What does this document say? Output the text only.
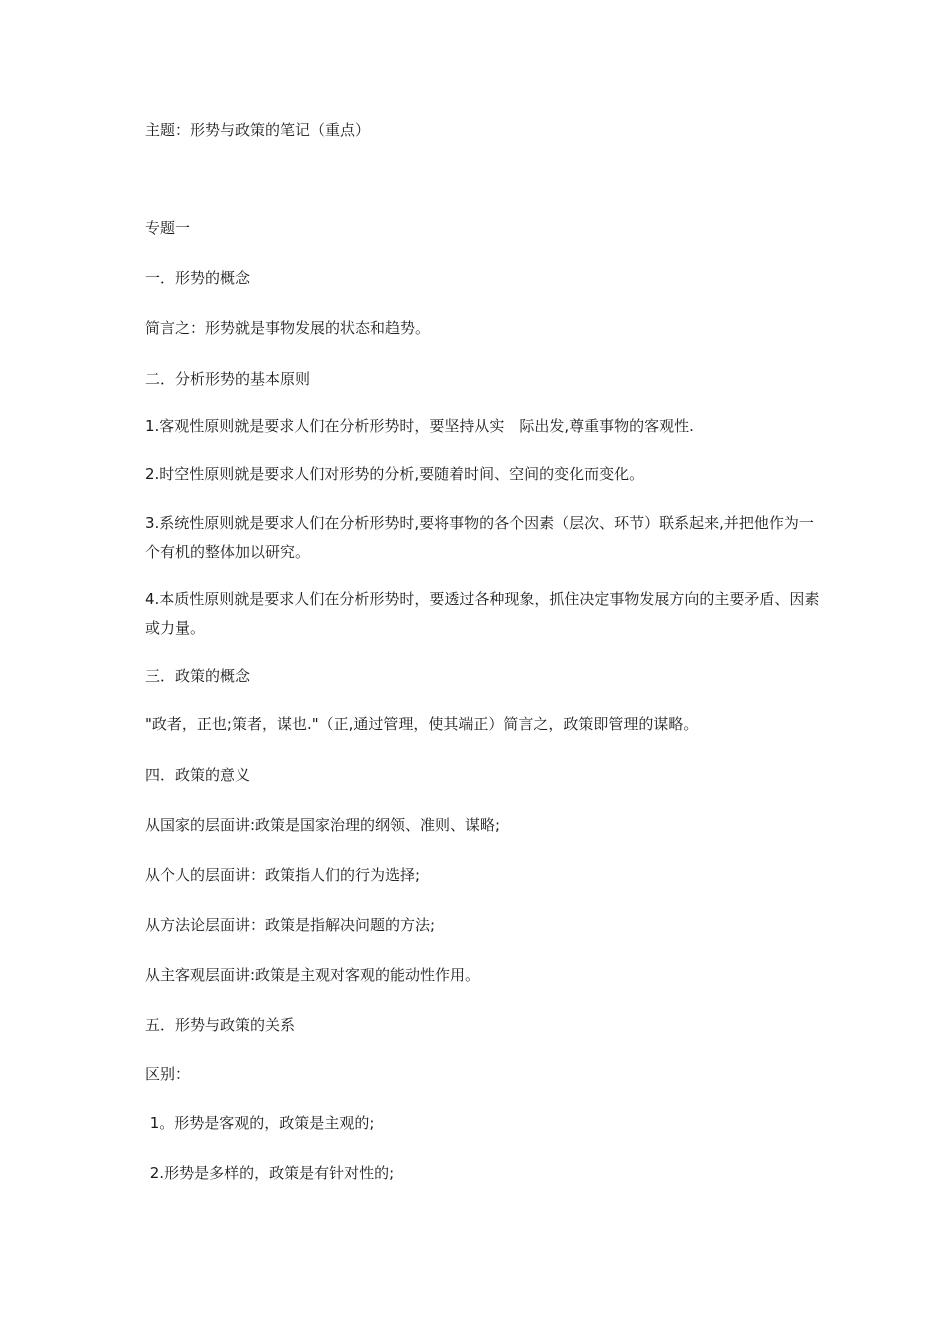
主题：形势与政策的笔记（重点）
专题一
一．形势的概念
简言之：形势就是事物发展的状态和趋势。
二．分析形势的基本原则
1.客观性原则就是要求人们在分析形势时，要坚持从实　际出发,尊重事物的客观性.
2.时空性原则就是要求人们对形势的分析,要随着时间、空间的变化而变化。
3.系统性原则就是要求人们在分析形势时,要将事物的各个因素（层次、环节）联系起来,并把他作为一个有机的整体加以研究。
4.本质性原则就是要求人们在分析形势时，要透过各种现象，抓住决定事物发展方向的主要矛盾、因素或力量。
三．政策的概念
"政者，正也;策者，谋也."（正,通过管理，使其端正）简言之，政策即管理的谋略。
四．政策的意义
从国家的层面讲:政策是国家治理的纲领、准则、谋略;
从个人的层面讲：政策指人们的行为选择;
从方法论层面讲：政策是指解决问题的方法;
从主客观层面讲:政策是主观对客观的能动性作用。
五．形势与政策的关系
区别：
1。形势是客观的，政策是主观的;
2.形势是多样的，政策是有针对性的;
